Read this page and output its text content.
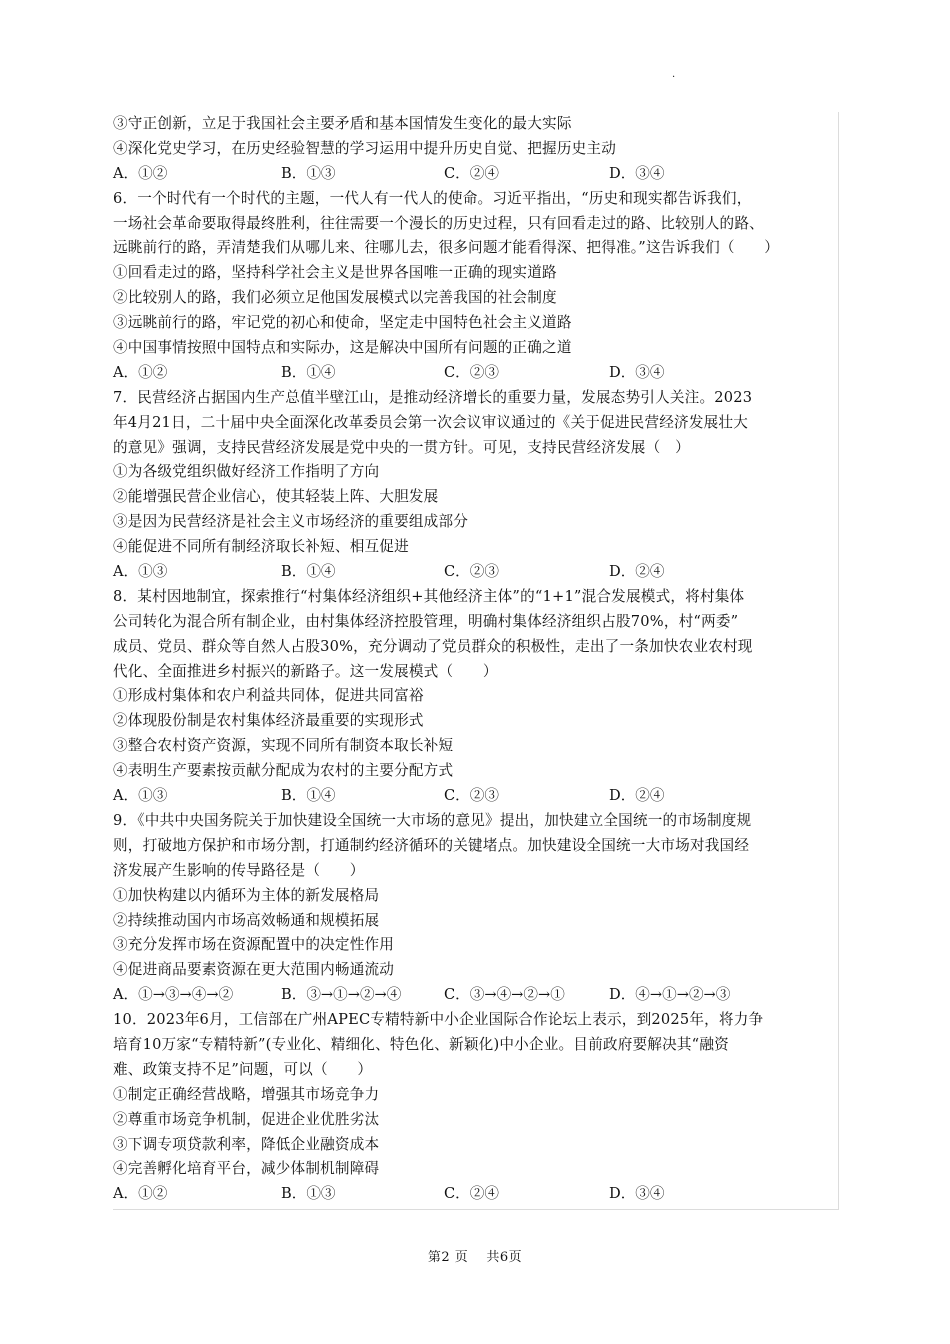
.
③守正创新，立足于我国社会主要矛盾和基本国情发生变化的最大实际
④深化党史学习，在历史经验智慧的学习运用中提升历史自觉、把握历史主动
A．①②	B．①③	C．②④	D．③④
6．一个时代有一个时代的主题，一代人有一代人的使命。习近平指出，“历史和现实都告诉我们，
一场社会革命要取得最终胜利，往往需要一个漫长的历史过程，只有回看走过的路、比较别人的路、
远眺前行的路，弄清楚我们从哪儿来、往哪儿去，很多问题才能看得深、把得准。”这告诉我们（　　）
①回看走过的路，坚持科学社会主义是世界各国唯一正确的现实道路
②比较别人的路，我们必须立足他国发展模式以完善我国的社会制度
③远眺前行的路，牢记党的初心和使命，坚定走中国特色社会主义道路
④中国事情按照中国特点和实际办，这是解决中国所有问题的正确之道
A．①②	B．①④	C．②③	D．③④
7．民营经济占据国内生产总值半壁江山，是推动经济增长的重要力量，发展态势引人关注。2023
年4月21日，二十届中央全面深化改革委员会第一次会议审议通过的《关于促进民营经济发展壮大
的意见》强调，支持民营经济发展是党中央的一贯方针。可见，支持民营经济发展（　）
①为各级党组织做好经济工作指明了方向
②能增强民营企业信心，使其轻装上阵、大胆发展
③是因为民营经济是社会主义市场经济的重要组成部分
④能促进不同所有制经济取长补短、相互促进
A．①③	B．①④	C．②③	D．②④
8．某村因地制宜，探索推行“村集体经济组织+其他经济主体”的“1+1”混合发展模式，将村集体
公司转化为混合所有制企业，由村集体经济控股管理，明确村集体经济组织占股70%，村“两委”
成员、党员、群众等自然人占股30%，充分调动了党员群众的积极性，走出了一条加快农业农村现
代化、全面推进乡村振兴的新路子。这一发展模式（　　）
①形成村集体和农户利益共同体，促进共同富裕
②体现股份制是农村集体经济最重要的实现形式
③整合农村资产资源，实现不同所有制资本取长补短
④表明生产要素按贡献分配成为农村的主要分配方式
A．①③	B．①④	C．②③	D．②④
9．《中共中央国务院关于加快建设全国统一大市场的意见》提出，加快建立全国统一的市场制度规
则，打破地方保护和市场分割，打通制约经济循环的关键堵点。加快建设全国统一大市场对我国经
济发展产生影响的传导路径是（　　）
①加快构建以内循环为主体的新发展格局
②持续推动国内市场高效畅通和规模拓展
③充分发挥市场在资源配置中的决定性作用
④促进商品要素资源在更大范围内畅通流动
A．①→③→④→②	B．③→①→②→④	C．③→④→②→①	D．④→①→②→③
10．2023年6月，工信部在广州APEC专精特新中小企业国际合作论坛上表示，到2025年，将力争
培育10万家“专精特新”(专业化、精细化、特色化、新颖化)中小企业。目前政府要解决其“融资
难、政策支持不足”问题，可以（　　）
①制定正确经营战略，增强其市场竞争力
②尊重市场竞争机制，促进企业优胜劣汰
③下调专项贷款利率，降低企业融资成本
④完善孵化培育平台，减少体制机制障碍
A．①②	B．①③	C．②④	D．③④
第2 页　 共6页
